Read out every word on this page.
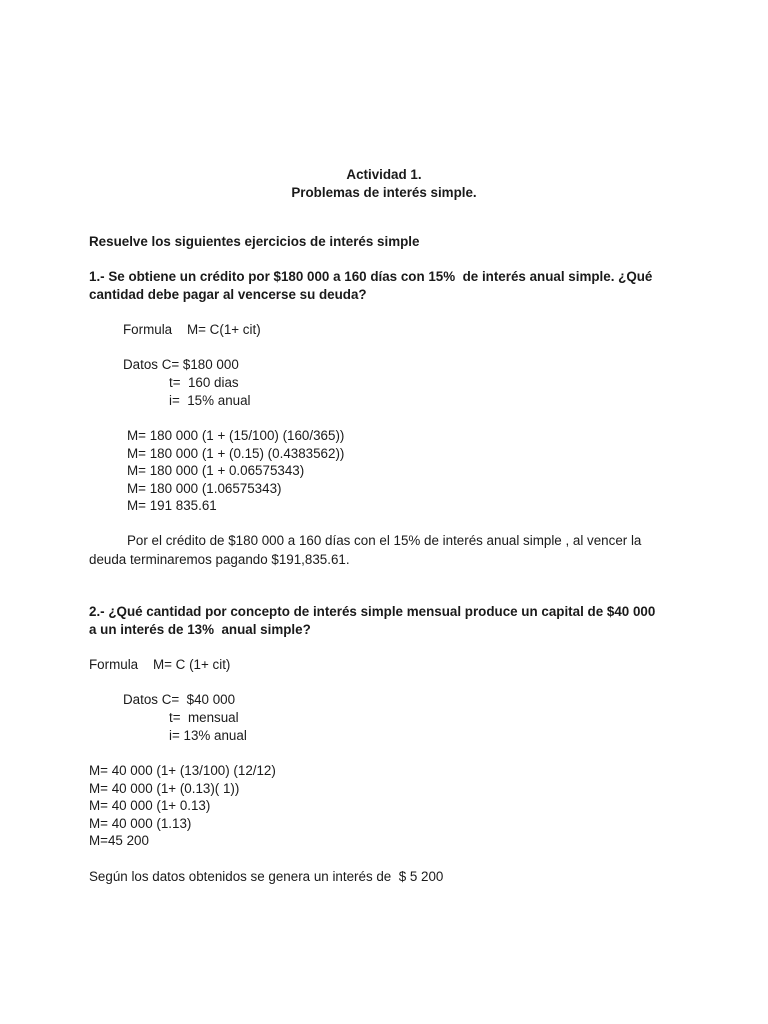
Actividad 1.
Problemas de interés simple.
Resuelve los siguientes ejercicios de interés simple
1.- Se obtiene un crédito por $180 000 a 160 días con 15%  de interés anual simple. ¿Qué
cantidad debe pagar al vencerse su deuda?
Formula    M= C(1+ cit)
Datos C= $180 000
t=  160 dias
i=  15% anual
M= 180 000 (1 + (15/100) (160/365))
M= 180 000 (1 + (0.15) (0.4383562))
M= 180 000 (1 + 0.06575343)
M= 180 000 (1.06575343)
M= 191 835.61
Por el crédito de $180 000 a 160 días con el 15% de interés anual simple , al vencer la
deuda terminaremos pagando $191,835.61.
2.- ¿Qué cantidad por concepto de interés simple mensual produce un capital de $40 000
a un interés de 13%  anual simple?
Formula    M= C (1+ cit)
Datos C=  $40 000
t=  mensual
i= 13% anual
M= 40 000 (1+ (13/100) (12/12)
M= 40 000 (1+ (0.13)( 1))
M= 40 000 (1+ 0.13)
M= 40 000 (1.13)
M=45 200
Según los datos obtenidos se genera un interés de  $ 5 200
